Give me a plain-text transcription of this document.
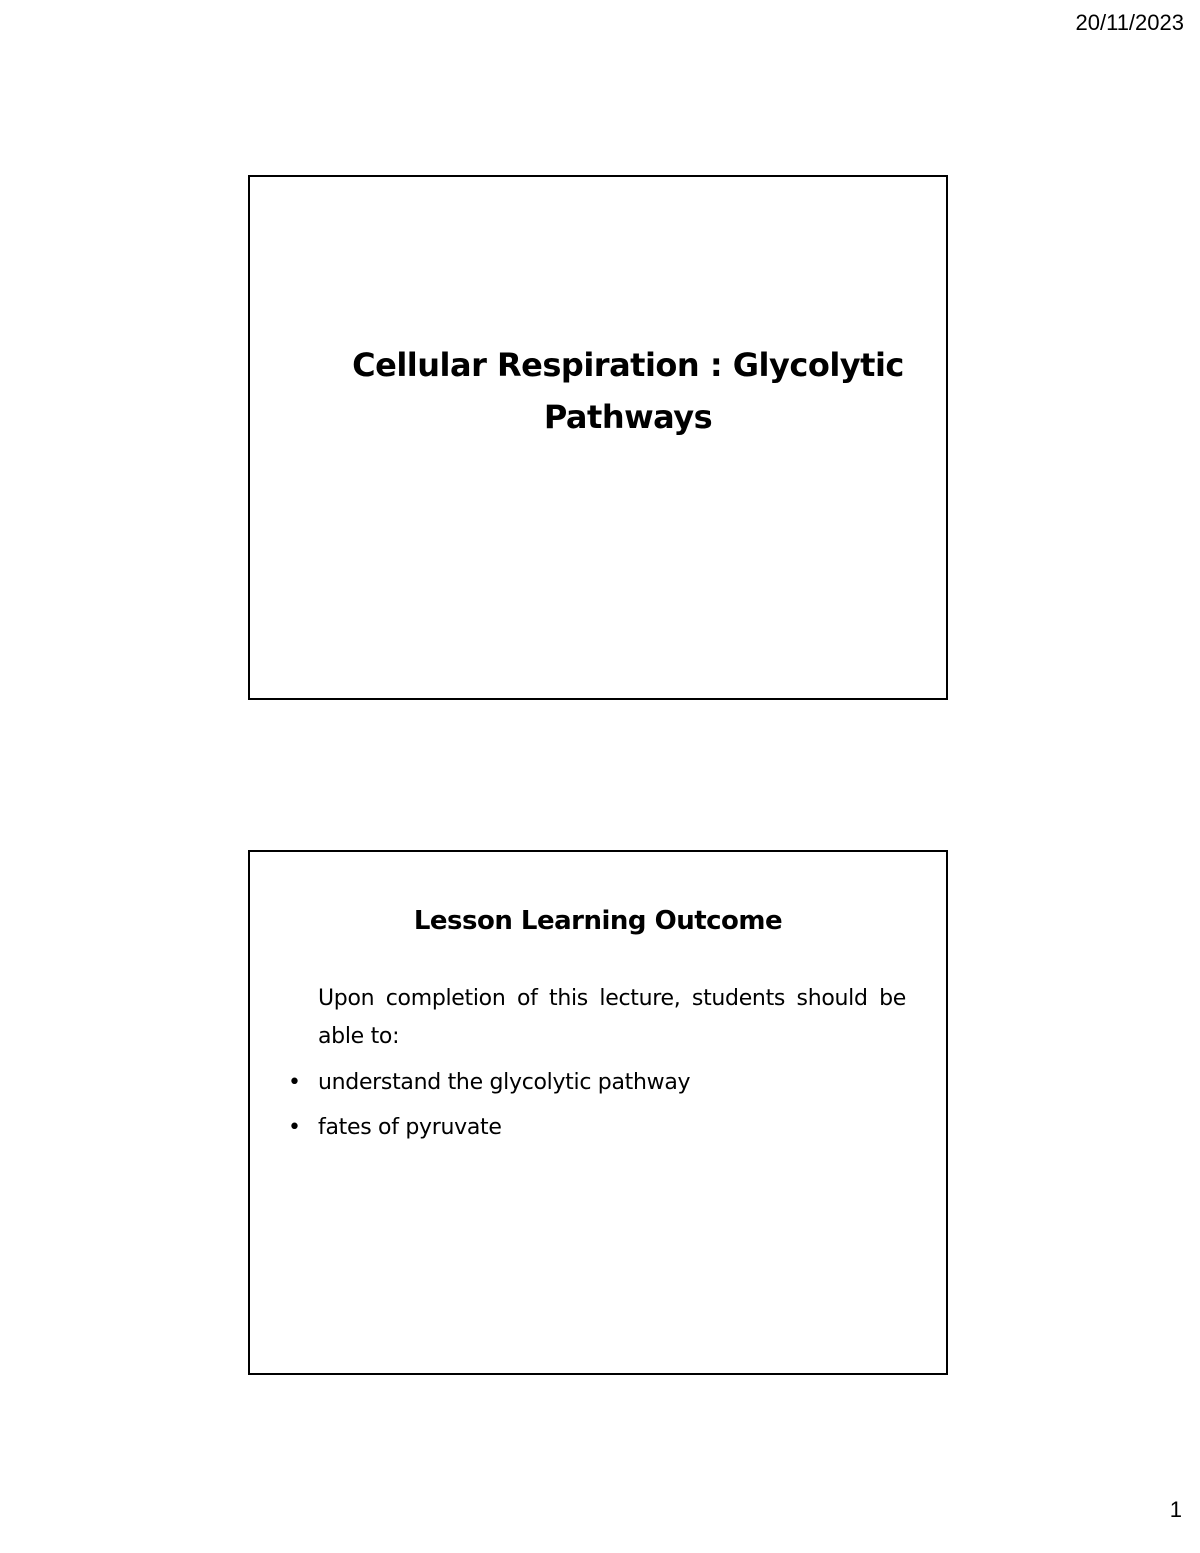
20/11/2023
Cellular Respiration : Glycolytic
Pathways
Lesson Learning Outcome

Upon completion of this lecture, students should be able to:

• understand the glycolytic pathway
• fates of pyruvate
1
